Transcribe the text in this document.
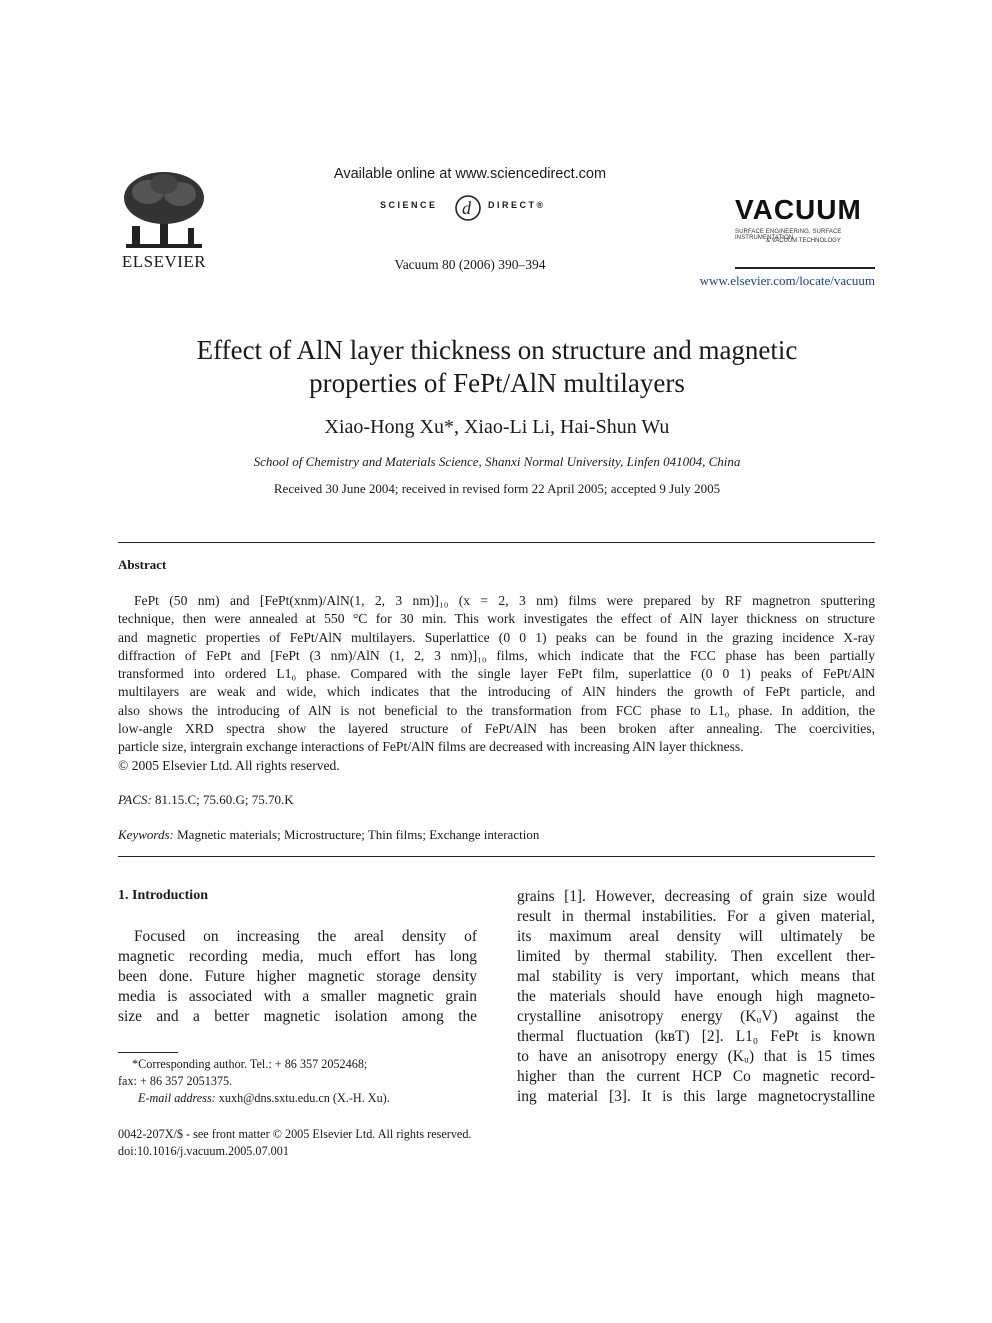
ELSEVIER
Available online at www.sciencedirect.com
d
SCIENCE	DIRECT®
Vacuum 80 (2006) 390–394
VACUUM
SURFACE ENGINEERING, SURFACE INSTRUMENTATION
& VACUUM TECHNOLOGY
www.elsevier.com/locate/vacuum
Effect of AlN layer thickness on structure and magnetic
properties of FePt/AlN multilayers
Xiao-Hong Xu*, Xiao-Li Li, Hai-Shun Wu
School of Chemistry and Materials Science, Shanxi Normal University, Linfen 041004, China
Received 30 June 2004; received in revised form 22 April 2005; accepted 9 July 2005
Abstract
FePt (50 nm) and [FePt(xnm)/AlN(1, 2, 3 nm)]₁₀ (x = 2, 3 nm) films were prepared by RF magnetron sputtering
technique, then were annealed at 550 °C for 30 min. This work investigates the effect of AlN layer thickness on structure
and magnetic properties of FePt/AlN multilayers. Superlattice (0 0 1) peaks can be found in the grazing incidence X-ray
diffraction of FePt and [FePt (3 nm)/AlN (1, 2, 3 nm)]₁₀ films, which indicate that the FCC phase has been partially
transformed into ordered L1₀ phase. Compared with the single layer FePt film, superlattice (0 0 1) peaks of FePt/AlN
multilayers are weak and wide, which indicates that the introducing of AlN hinders the growth of FePt particle, and
also shows the introducing of AlN is not beneficial to the transformation from FCC phase to L1₀ phase. In addition, the
low-angle XRD spectra show the layered structure of FePt/AlN has been broken after annealing. The coercivities,
particle size, intergrain exchange interactions of FePt/AlN films are decreased with increasing AlN layer thickness.
© 2005 Elsevier Ltd. All rights reserved.
PACS: 81.15.C; 75.60.G; 75.70.K
Keywords: Magnetic materials; Microstructure; Thin films; Exchange interaction
1. Introduction
Focused on increasing the areal density of
magnetic recording media, much effort has long
been done. Future higher magnetic storage density
media is associated with a smaller magnetic grain
size and a better magnetic isolation among the
grains [1]. However, decreasing of grain size would
result in thermal instabilities. For a given material,
its maximum areal density will ultimately be
limited by thermal stability. Then excellent ther-
mal stability is very important, which means that
the materials should have enough high magneto-
crystalline anisotropy energy (KᵤV) against the
thermal fluctuation (kʙT) [2]. L1₀ FePt is known
to have an anisotropy energy (Kᵤ) that is 15 times
higher than the current HCP Co magnetic record-
ing material [3]. It is this large magnetocrystalline
*Corresponding author. Tel.: + 86 357 2052468;
fax: + 86 357 2051375.
E-mail address: xuxh@dns.sxtu.edu.cn (X.-H. Xu).
0042-207X/$ - see front matter © 2005 Elsevier Ltd. All rights reserved.
doi:10.1016/j.vacuum.2005.07.001
